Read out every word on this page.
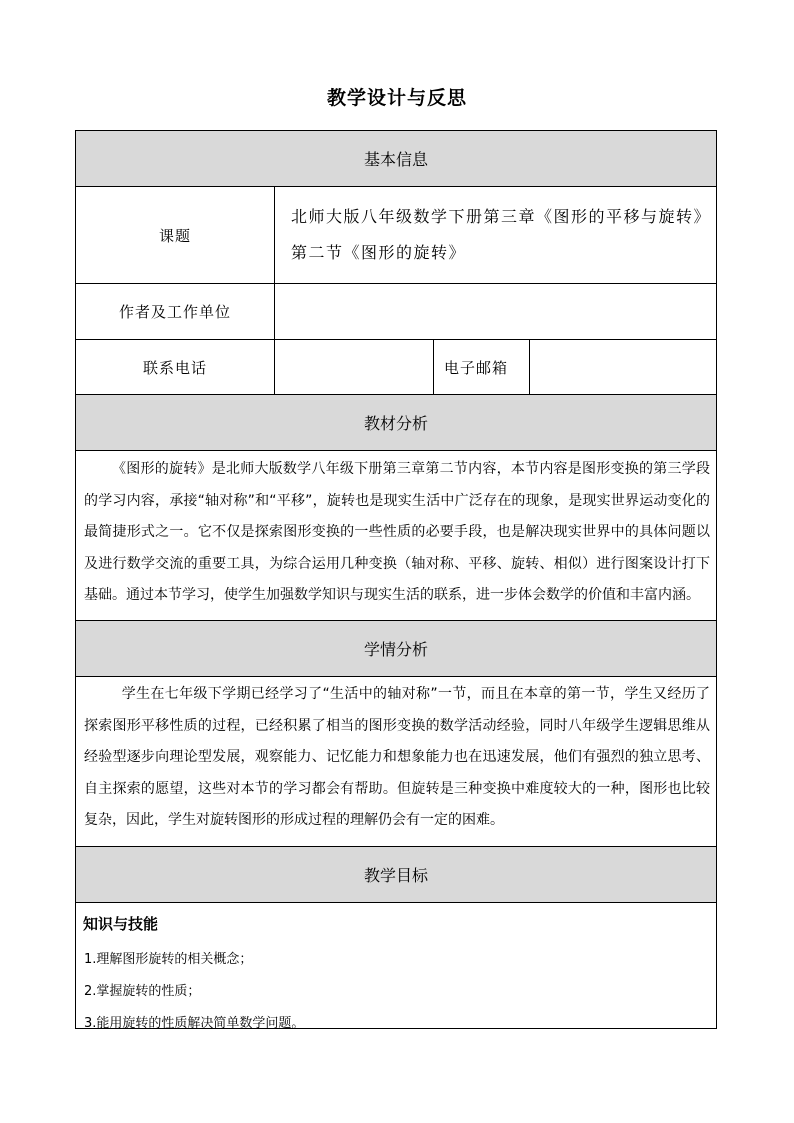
教学设计与反思
基本信息
课题
北师大版八年级数学下册第三章《图形的平移与旋转》第二节《图形的旋转》
作者及工作单位
联系电话	电子邮箱
教材分析
《图形的旋转》是北师大版数学八年级下册第三章第二节内容，本节内容是图形变换的第三学段的学习内容，承接“轴对称”和“平移”，旋转也是现实生活中广泛存在的现象，是现实世界运动变化的最简捷形式之一。它不仅是探索图形变换的一些性质的必要手段，也是解决现实世界中的具体问题以及进行数学交流的重要工具，为综合运用几种变换（轴对称、平移、旋转、相似）进行图案设计打下基础。通过本节学习，使学生加强数学知识与现实生活的联系，进一步体会数学的价值和丰富内涵。
学情分析
学生在七年级下学期已经学习了“生活中的轴对称”一节，而且在本章的第一节，学生又经历了探索图形平移性质的过程，已经积累了相当的图形变换的数学活动经验，同时八年级学生逻辑思维从经验型逐步向理论型发展，观察能力、记忆能力和想象能力也在迅速发展，他们有强烈的独立思考、自主探索的愿望，这些对本节的学习都会有帮助。但旋转是三种变换中难度较大的一种，图形也比较复杂，因此，学生对旋转图形的形成过程的理解仍会有一定的困难。
教学目标
知识与技能
1.理解图形旋转的相关概念；
2.掌握旋转的性质；
3.能用旋转的性质解决简单数学问题。
